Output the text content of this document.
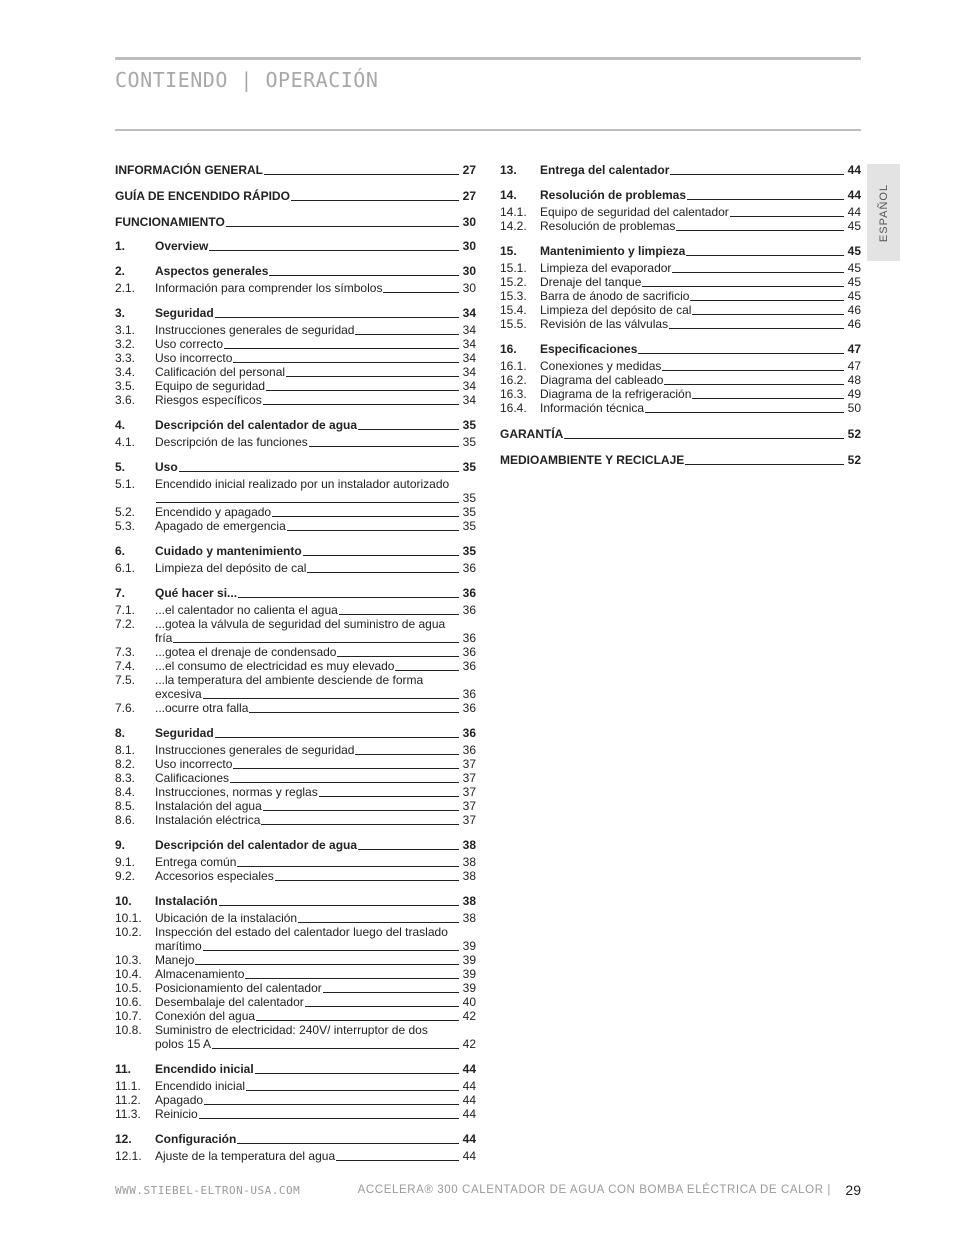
CONTIENDO | OPERACIÓN
ESPAÑOL
INFORMACIÓN GENERAL	27
GUÍA DE ENCENDIDO RÁPIDO	27
FUNCIONAMIENTO	30
1.	Overview	30
2.	Aspectos generales	30
2.1.	Información para comprender los símbolos	30
3.	Seguridad	34
3.1.	Instrucciones generales de seguridad	34
3.2.	Uso correcto	34
3.3.	Uso incorrecto	34
3.4.	Calificación del personal	34
3.5.	Equipo de seguridad	34
3.6.	Riesgos específicos	34
4.	Descripción del calentador de agua	35
4.1.	Descripción de las funciones	35
5.	Uso	35
5.1.	Encendido inicial realizado por un instalador autorizado
35
5.2.	Encendido y apagado	35
5.3.	Apagado de emergencia	35
6.	Cuidado y mantenimiento	35
6.1.	Limpieza del depósito de cal	36
7.	Qué hacer si...	36
7.1.	...el calentador no calienta el agua	36
7.2.	...gotea la válvula de seguridad del suministro de agua
fría	36
7.3.	...gotea el drenaje de condensado	36
7.4.	...el consumo de electricidad es muy elevado	36
7.5.	...la temperatura del ambiente desciende de forma
excesiva	36
7.6.	...ocurre otra falla	36
8.	Seguridad	36
8.1.	Instrucciones generales de seguridad	36
8.2.	Uso incorrecto	37
8.3.	Calificaciones	37
8.4.	Instrucciones, normas y reglas	37
8.5.	Instalación del agua	37
8.6.	Instalación eléctrica	37
9.	Descripción del calentador de agua	38
9.1.	Entrega común	38
9.2.	Accesorios especiales	38
10.	Instalación	38
10.1.	Ubicación de la instalación	38
10.2.	Inspección del estado del calentador luego del traslado
marítimo	39
10.3.	Manejo	39
10.4.	Almacenamiento	39
10.5.	Posicionamiento del calentador	39
10.6.	Desembalaje del calentador	40
10.7.	Conexión del agua	42
10.8.	Suministro de electricidad: 240V/ interruptor de dos
polos 15 A	42
11.	Encendido inicial	44
11.1.	Encendido inicial	44
11.2.	Apagado	44
11.3.	Reinicio	44
12.	Configuración	44
12.1.	Ajuste de la temperatura del agua	44
13.	Entrega del calentador	44
14.	Resolución de problemas	44
14.1.	Equipo de seguridad del calentador	44
14.2.	Resolución de problemas	45
15.	Mantenimiento y limpieza	45
15.1.	Limpieza del evaporador	45
15.2.	Drenaje del tanque	45
15.3.	Barra de ánodo de sacrificio	45
15.4.	Limpieza del depósito de cal	46
15.5.	Revisión de las válvulas	46
16.	Especificaciones	47
16.1.	Conexiones y medidas	47
16.2.	Diagrama del cableado	48
16.3.	Diagrama de la refrigeración	49
16.4.	Información técnica	50
GARANTÍA	52
MEDIOAMBIENTE Y RECICLAJE	52
WWW.STIEBEL-ELTRON-USA.COM	ACCELERA® 300 CALENTADOR DE AGUA CON BOMBA ELÉCTRICA DE CALOR | 29
